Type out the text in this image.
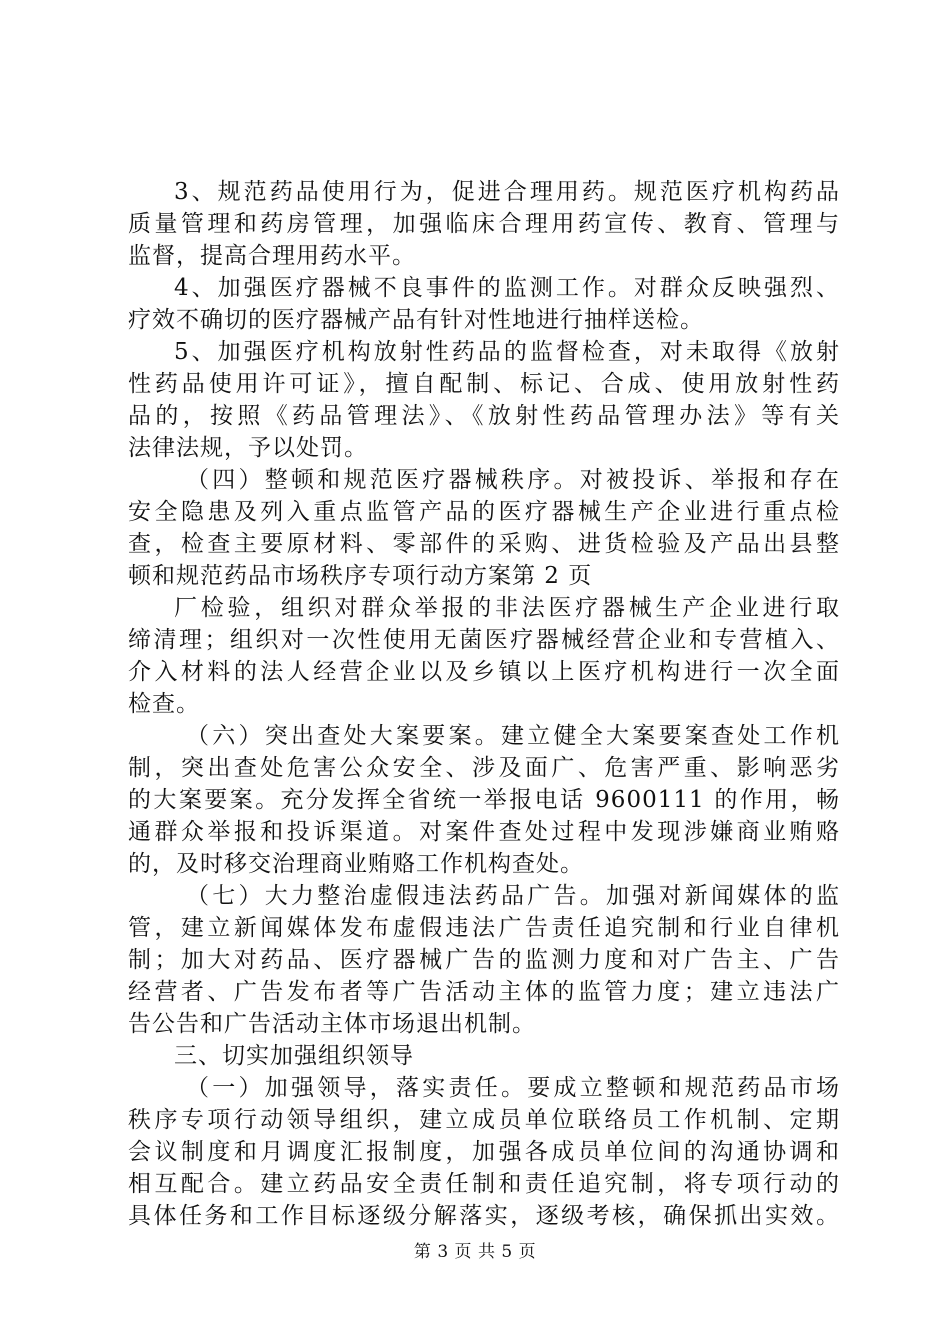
3、规范药品使用行为，促进合理用药。规范医疗机构药品
质量管理和药房管理，加强临床合理用药宣传、教育、管理与
监督，提高合理用药水平。
4、加强医疗器械不良事件的监测工作。对群众反映强烈、
疗效不确切的医疗器械产品有针对性地进行抽样送检。
5、加强医疗机构放射性药品的监督检查，对未取得《放射
性药品使用许可证》，擅自配制、标记、合成、使用放射性药
品的，按照《药品管理法》、《放射性药品管理办法》等有关
法律法规，予以处罚。
（四）整顿和规范医疗器械秩序。对被投诉、举报和存在
安全隐患及列入重点监管产品的医疗器械生产企业进行重点检
查，检查主要原材料、零部件的采购、进货检验及产品出县整
顿和规范药品市场秩序专项行动方案第 2 页
厂检验，组织对群众举报的非法医疗器械生产企业进行取
缔清理；组织对一次性使用无菌医疗器械经营企业和专营植入、
介入材料的法人经营企业以及乡镇以上医疗机构进行一次全面
检查。
（六）突出查处大案要案。建立健全大案要案查处工作机
制，突出查处危害公众安全、涉及面广、危害严重、影响恶劣
的大案要案。充分发挥全省统一举报电话 9600111 的作用，畅
通群众举报和投诉渠道。对案件查处过程中发现涉嫌商业贿赂
的，及时移交治理商业贿赂工作机构查处。
（七）大力整治虚假违法药品广告。加强对新闻媒体的监
管，建立新闻媒体发布虚假违法广告责任追究制和行业自律机
制；加大对药品、医疗器械广告的监测力度和对广告主、广告
经营者、广告发布者等广告活动主体的监管力度；建立违法广
告公告和广告活动主体市场退出机制。
三、切实加强组织领导
（一）加强领导，落实责任。要成立整顿和规范药品市场
秩序专项行动领导组织，建立成员单位联络员工作机制、定期
会议制度和月调度汇报制度，加强各成员单位间的沟通协调和
相互配合。建立药品安全责任制和责任追究制，将专项行动的
具体任务和工作目标逐级分解落实，逐级考核，确保抓出实效。
第 3 页 共 5 页
